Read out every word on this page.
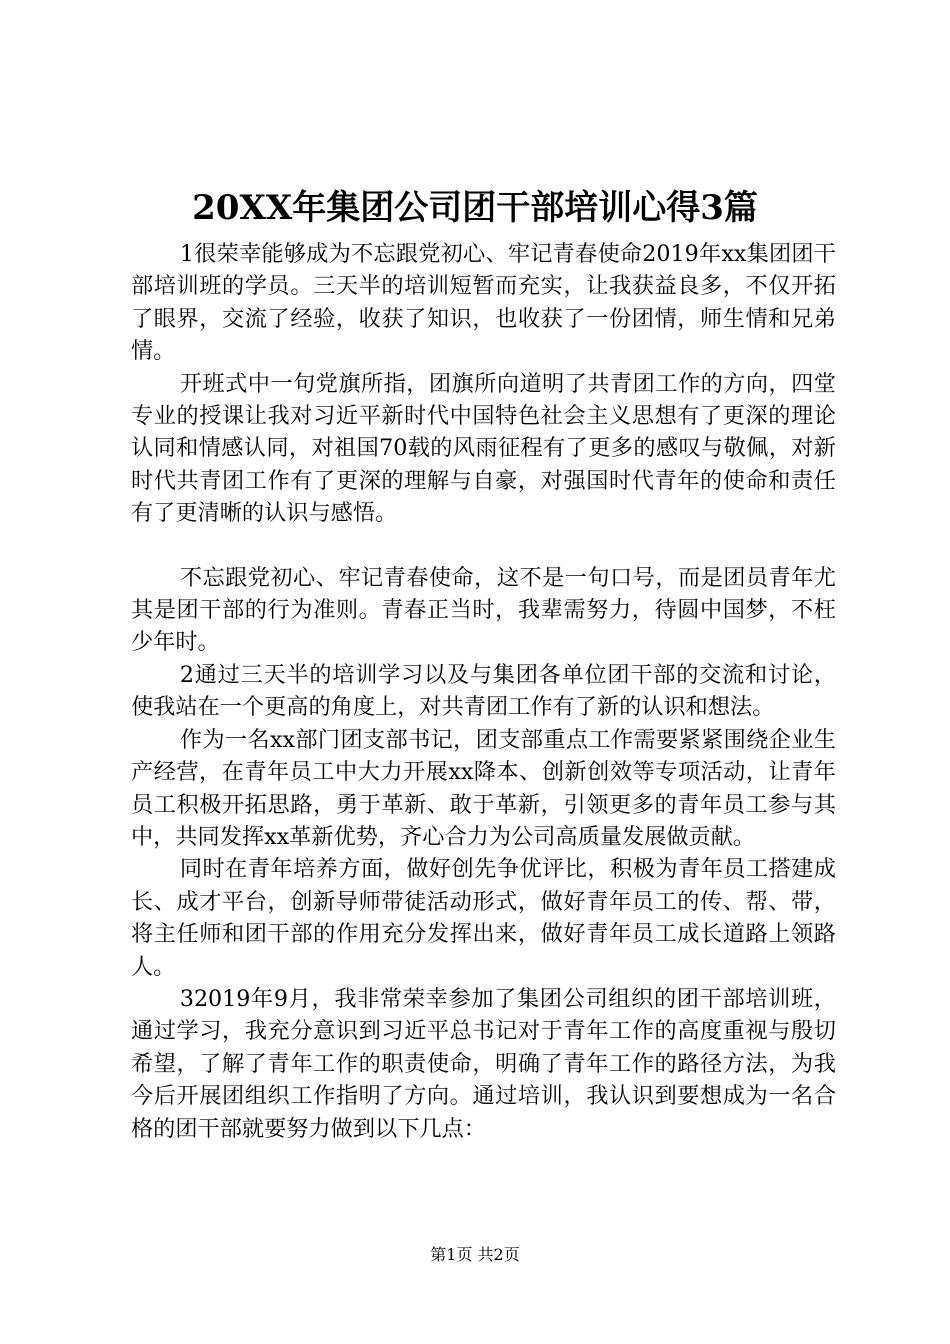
20XX年集团公司团干部培训心得3篇

1很荣幸能够成为不忘跟党初心、牢记青春使命2019年xx集团团干部培训班的学员。三天半的培训短暂而充实，让我获益良多，不仅开拓了眼界，交流了经验，收获了知识，也收获了一份团情，师生情和兄弟情。

开班式中一句党旗所指，团旗所向道明了共青团工作的方向，四堂专业的授课让我对习近平新时代中国特色社会主义思想有了更深的理论认同和情感认同，对祖国70载的风雨征程有了更多的感叹与敬佩，对新时代共青团工作有了更深的理解与自豪，对强国时代青年的使命和责任有了更清晰的认识与感悟。

不忘跟党初心、牢记青春使命，这不是一句口号，而是团员青年尤其是团干部的行为准则。青春正当时，我辈需努力，待圆中国梦，不枉少年时。

2通过三天半的培训学习以及与集团各单位团干部的交流和讨论，使我站在一个更高的角度上，对共青团工作有了新的认识和想法。

作为一名xx部门团支部书记，团支部重点工作需要紧紧围绕企业生产经营，在青年员工中大力开展xx降本、创新创效等专项活动，让青年员工积极开拓思路，勇于革新、敢于革新，引领更多的青年员工参与其中，共同发挥xx革新优势，齐心合力为公司高质量发展做贡献。

同时在青年培养方面，做好创先争优评比，积极为青年员工搭建成长、成才平台，创新导师带徒活动形式，做好青年员工的传、帮、带，将主任师和团干部的作用充分发挥出来，做好青年员工成长道路上领路人。

32019年9月，我非常荣幸参加了集团公司组织的团干部培训班，通过学习，我充分意识到习近平总书记对于青年工作的高度重视与殷切希望，了解了青年工作的职责使命，明确了青年工作的路径方法，为我今后开展团组织工作指明了方向。通过培训，我认识到要想成为一名合格的团干部就要努力做到以下几点：

第1页 共2页
